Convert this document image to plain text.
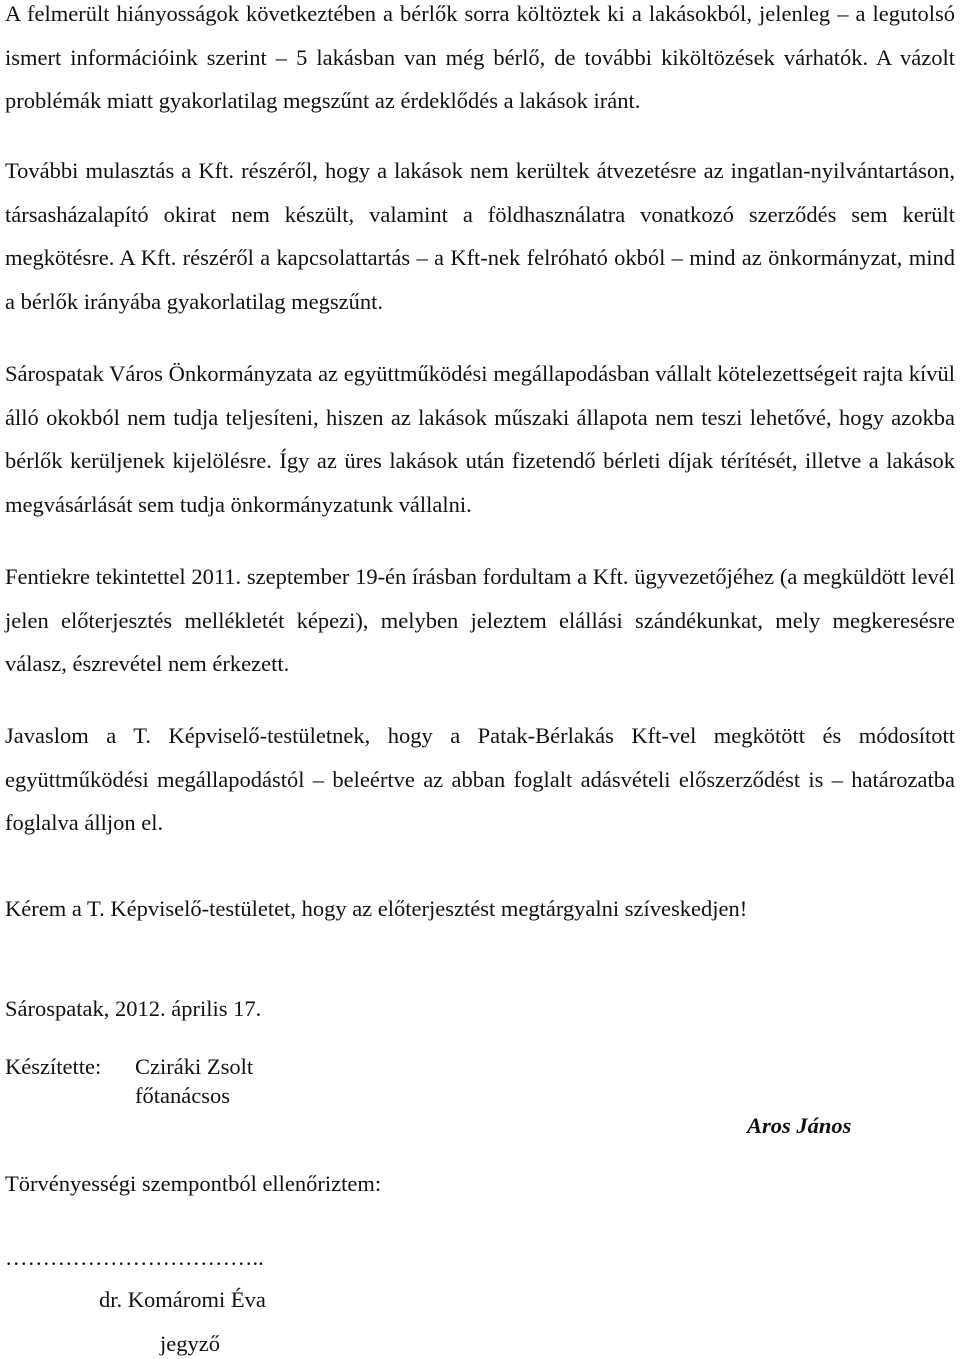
A felmerült hiányosságok következtében a bérlők sorra költöztek ki a lakásokból, jelenleg – a legutolsó ismert információink szerint – 5 lakásban van még bérlő, de további kiköltözések várhatók. A vázolt problémák miatt gyakorlatilag megszűnt az érdeklődés a lakások iránt.

További mulasztás a Kft. részéről, hogy a lakások nem kerültek átvezetésre az ingatlan-nyilvántartáson, társasházalapító okirat nem készült, valamint a földhasználatra vonatkozó szerződés sem került megkötésre. A Kft. részéről a kapcsolattartás – a Kft-nek felróható okból – mind az önkormányzat, mind a bérlők irányába gyakorlatilag megszűnt.

Sárospatak Város Önkormányzata az együttműködési megállapodásban vállalt kötelezettségeit rajta kívül álló okokból nem tudja teljesíteni, hiszen az lakások műszaki állapota nem teszi lehetővé, hogy azokba bérlők kerüljenek kijelölésre. Így az üres lakások után fizetendő bérleti díjak térítését, illetve a lakások megvásárlását sem tudja önkormányzatunk vállalni.

Fentiekre tekintettel 2011. szeptember 19-én írásban fordultam a Kft. ügyvezetőjéhez (a megküldött levél jelen előterjesztés mellékletét képezi), melyben jeleztem elállási szándékunkat, mely megkeresésre válasz, észrevétel nem érkezett.

Javaslom a T. Képviselő-testületnek, hogy a Patak-Bérlakás Kft-vel megkötött és módosított együttműködési megállapodástól – beleértve az abban foglalt adásvételi előszerződést is – határozatba foglalva álljon el.

Kérem a T. Képviselő-testületet, hogy az előterjesztést megtárgyalni szíveskedjen!

Sárospatak, 2012. április 17.

Készítette: Cziráki Zsolt

főtanácsos

Aros János

Törvényességi szempontból ellenőriztem:

……………………………..

dr. Komáromi Éva

jegyző
